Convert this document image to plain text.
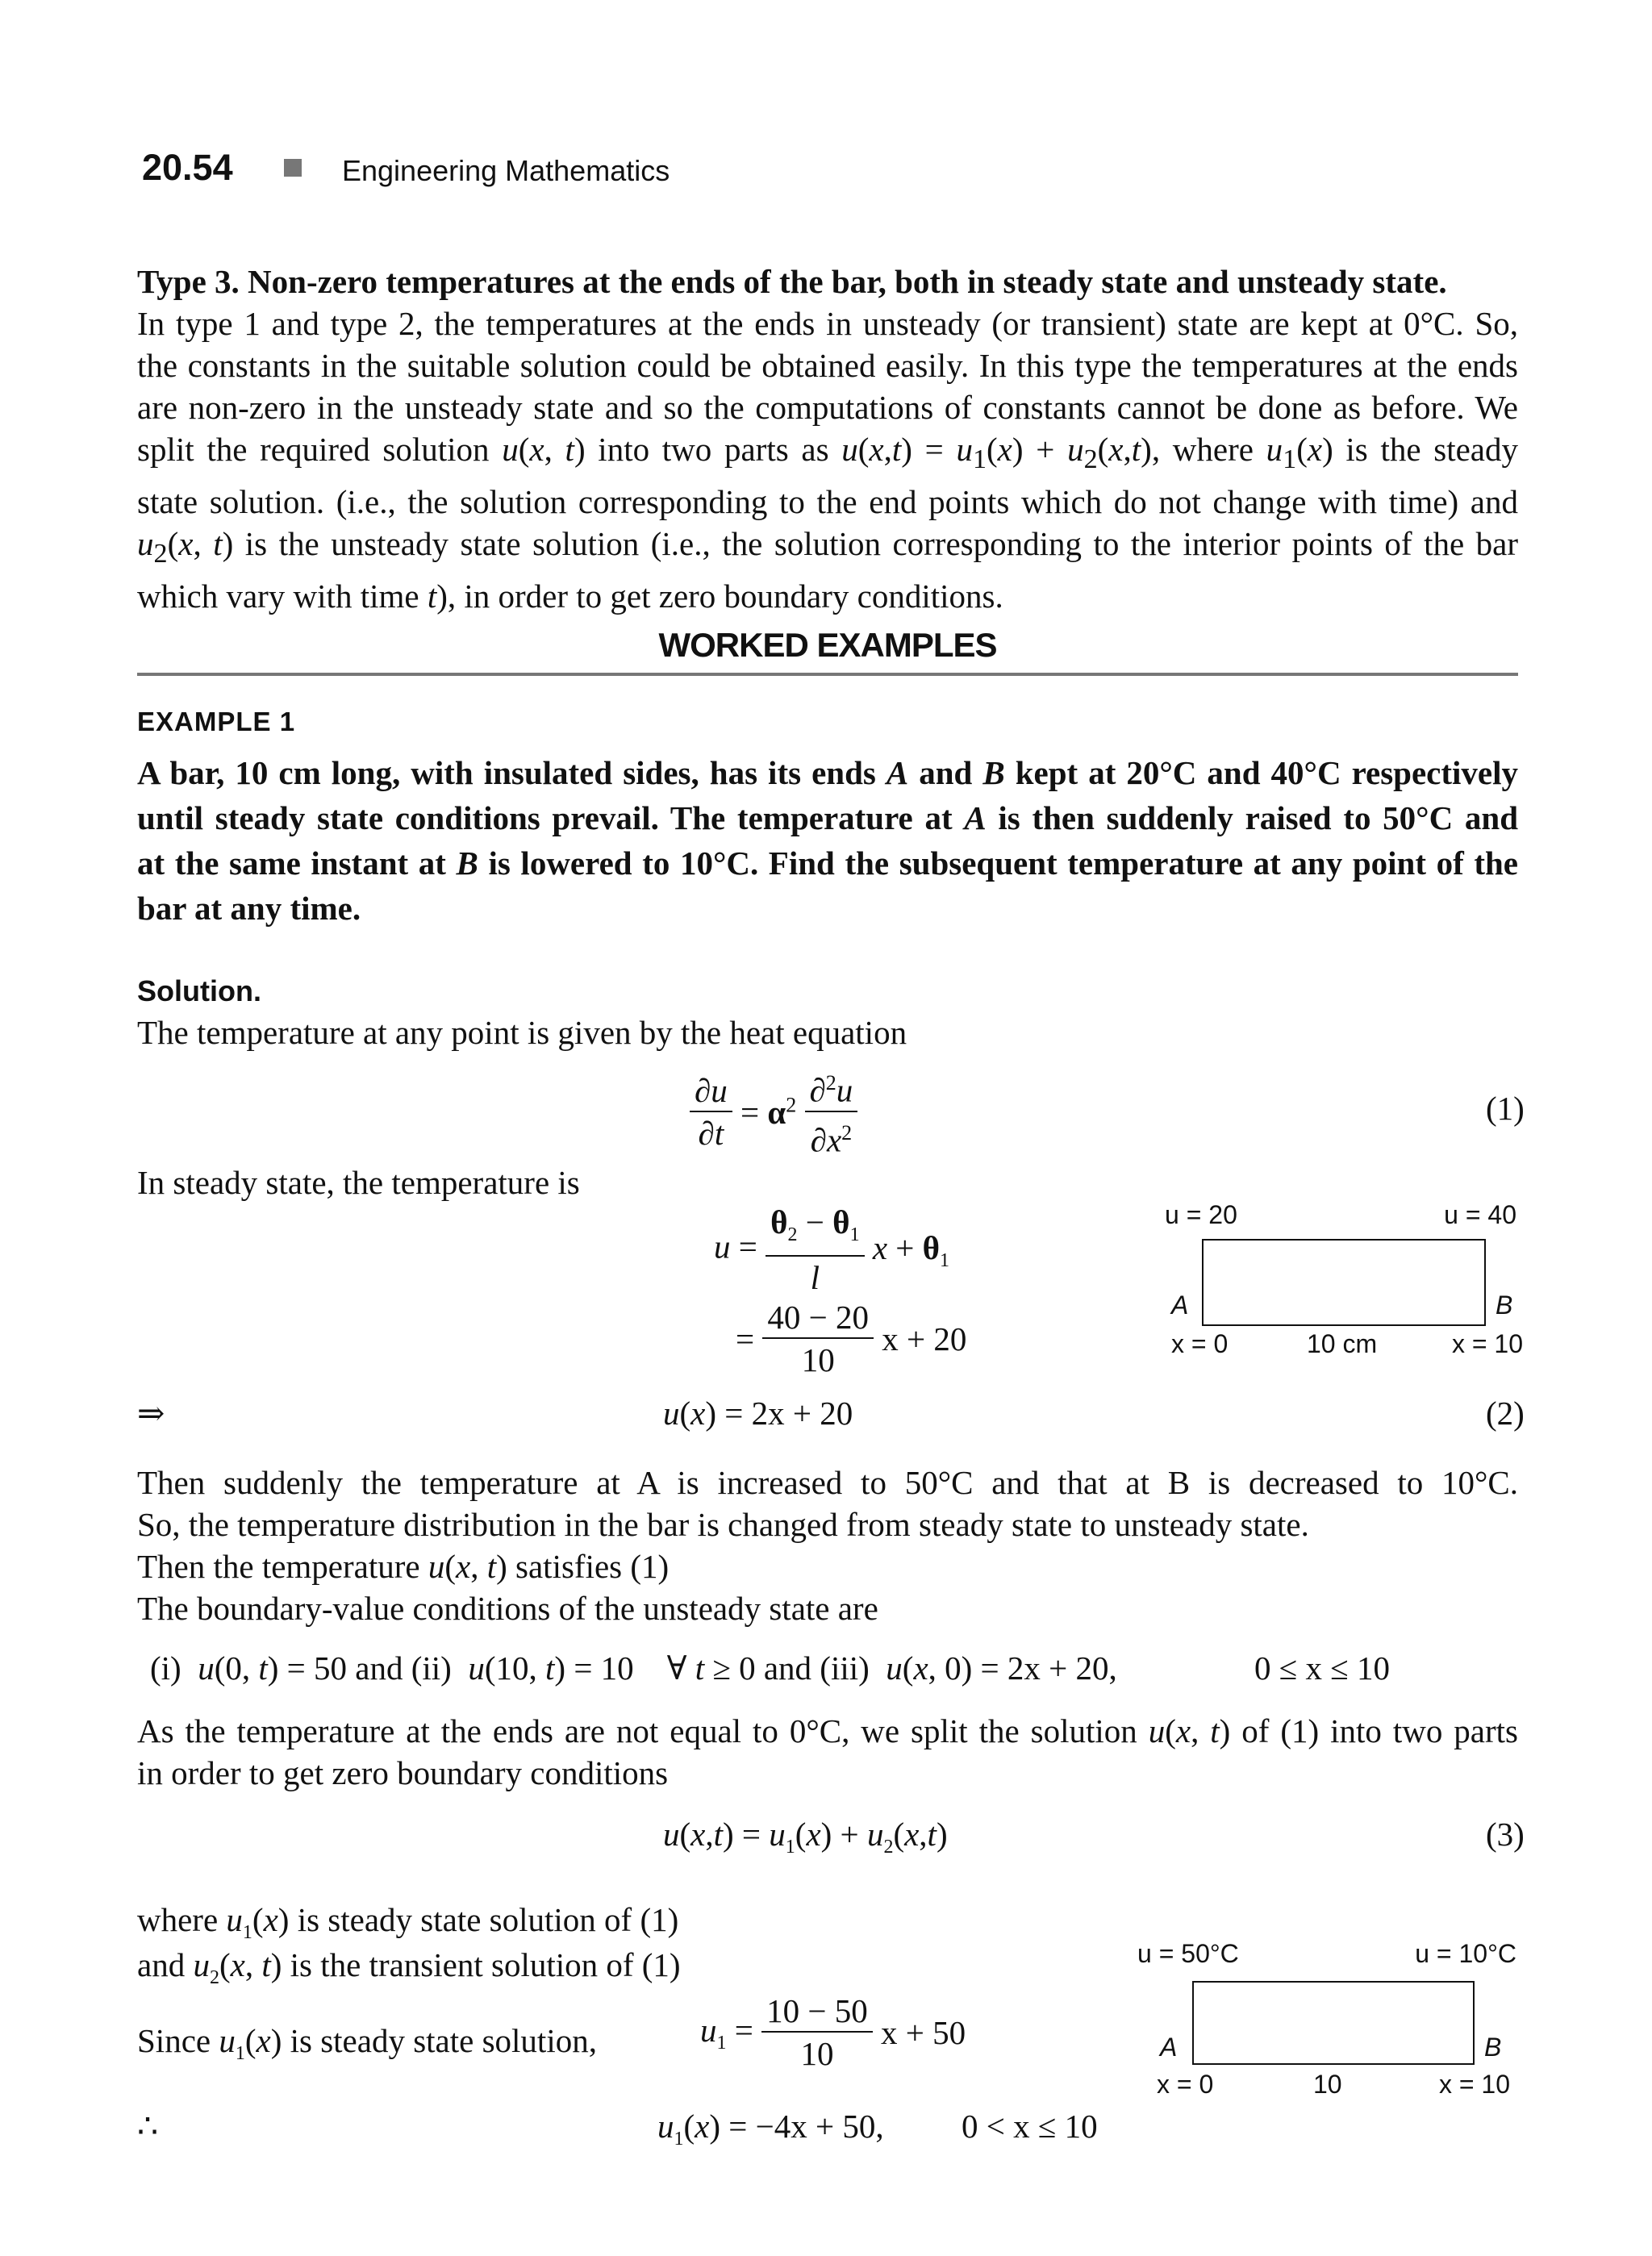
20.54	Engineering Mathematics
Type 3. Non-zero temperatures at the ends of the bar, both in steady state and unsteady state.
In type 1 and type 2, the temperatures at the ends in unsteady (or transient) state are kept at 0°C. So,
the constants in the suitable solution could be obtained easily. In this type the temperatures at the ends
are non-zero in the unsteady state and so the computations of constants cannot be done as before. We
split the required solution u(x, t) into two parts as $u(x,t) = u_1(x) + u_2(x,t)$, where $u_1(x)$ is the steady
state solution. (i.e., the solution corresponding to the end points which do not change with time) and
$u_2(x$, t) is the unsteady state solution (i.e., the solution corresponding to the interior points of the bar
which vary with time t), in order to get zero boundary conditions.
WORKED EXAMPLES
EXAMPLE 1
A bar, 10 cm long, with insulated sides, has its ends A and B kept at 20°C and 40°C respectively
until steady state conditions prevail. The temperature at A is then suddenly raised to 50°C and
at the same instant at B is lowered to 10°C. Find the subsequent temperature at any point of the
bar at any time.
Solution.
The temperature at any point is given by the heat equation
$\frac{\partial u}{\partial t} = \alpha^2 \frac{\partial^2u}{\partial x^2}$	(1)
In steady state, the temperature is
$u = \frac{\theta_2 - \theta_1}{l}$ $x + \theta_1$
= $\frac{40 - 20}{10}$ x + 20
⇒	u(x) = 2x + 20	(2)
u = 20	u = 40
A	B
x = 0	10 cm	x = 10
Then suddenly the temperature at A is increased to 50°C and that at B is decreased to 10°C.
So, the temperature distribution in the bar is changed from steady state to unsteady state.
Then the temperature u(x, t) satisfies (1)
The boundary-value conditions of the unsteady state are
(i) u(0, t) = 50 and (ii) u(10, t) = 10 ∀ t ≥ 0 and (iii) u(x, 0) = 2x + 20,	0 ≤ x ≤ 10
As the temperature at the ends are not equal to 0°C, we split the solution u(x, t) of (1) into two parts
in order to get zero boundary conditions
$u(x,t) = u_1(x) + u_2(x,t)$	(3)
where $u_1(x)$ is steady state solution of (1)
and $u_2(x$, t) is the transient solution of (1)
Since $u_1(x)$ is steady state solution,	$u_1 = \frac{10 - 50}{10}$ x + 50
∴	$u_1(x) = -4x + 50$, 0 < x ≤ 10
u = 50°C	u = 10°C
A	B
x = 0	10	x = 10
